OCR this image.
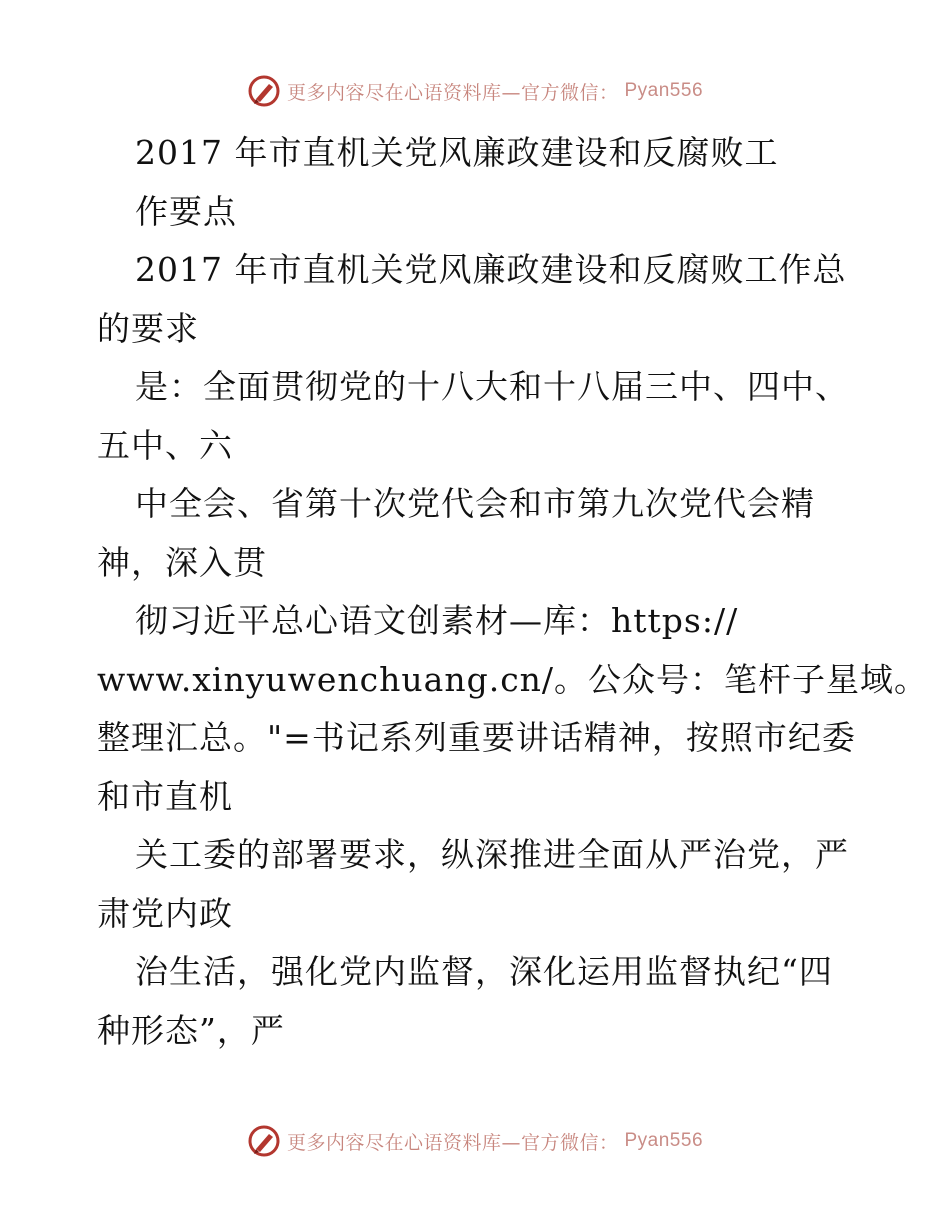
更多内容尽在心语资料库—官方微信： Pyan556
2017 年市直机关党风廉政建设和反腐败工
作要点
2017 年市直机关党风廉政建设和反腐败工作总
的要求
是：全面贯彻党的十八大和十八届三中、四中、
五中、六
中全会、省第十次党代会和市第九次党代会精
神，深入贯
彻习近平总心语文创素材—库：https://
www.xinyuwenchuang.cn/。公众号：笔杆子星域。
整理汇总。"=书记系列重要讲话精神，按照市纪委
和市直机
关工委的部署要求，纵深推进全面从严治党，严
肃党内政
治生活，强化党内监督，深化运用监督执纪“四
种形态”，严
更多内容尽在心语资料库—官方微信： Pyan556
